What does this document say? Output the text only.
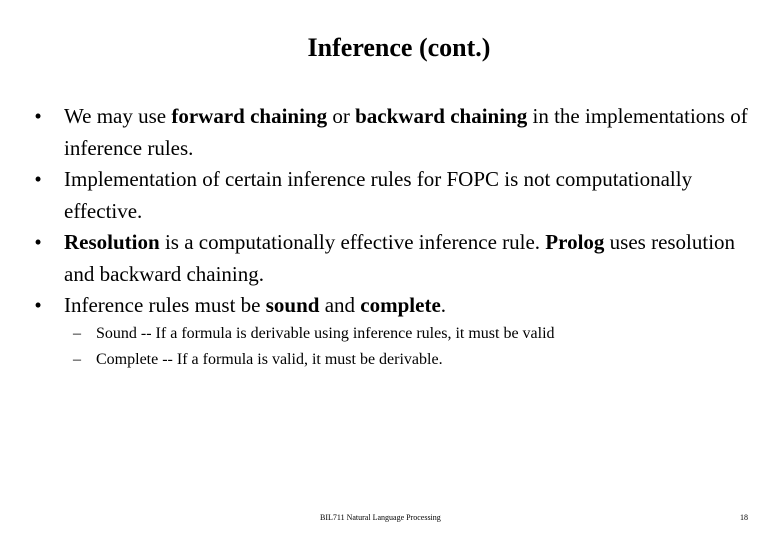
Inference (cont.)
•	We may use forward chaining or backward chaining in the implementations of inference rules.
•	Implementation of certain inference rules for FOPC is not computationally effective.
•	Resolution is a computationally effective inference rule. Prolog uses resolution and backward chaining.
•	Inference rules must be sound and complete.
– Sound -- If a formula is derivable using inference rules, it must be valid
– Complete -- If a formula is valid, it must be derivable.
BIL711 Natural Language Processing	18
